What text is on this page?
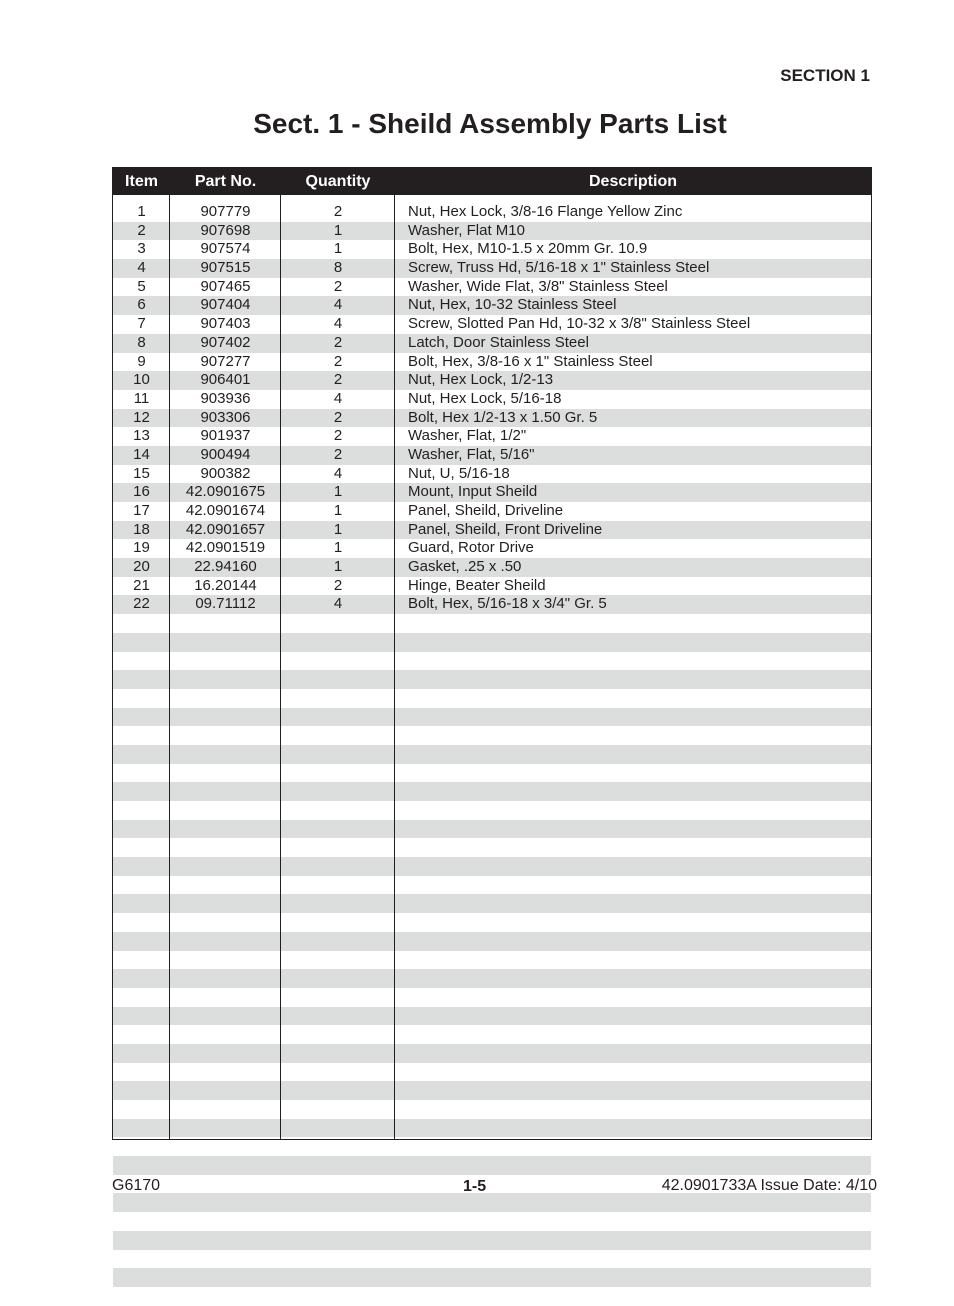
SECTION 1
Sect. 1 - Sheild Assembly Parts List
Item	Part No.	Quantity	Description
1	907779	2	Nut, Hex Lock, 3/8-16 Flange Yellow Zinc
2	907698	1	Washer, Flat M10
3	907574	1	Bolt, Hex, M10-1.5 x 20mm Gr. 10.9
4	907515	8	Screw, Truss Hd, 5/16-18 x 1" Stainless Steel
5	907465	2	Washer, Wide Flat, 3/8" Stainless Steel
6	907404	4	Nut, Hex, 10-32 Stainless Steel
7	907403	4	Screw, Slotted Pan Hd, 10-32 x 3/8" Stainless Steel
8	907402	2	Latch, Door Stainless Steel
9	907277	2	Bolt, Hex, 3/8-16 x 1" Stainless Steel
10	906401	2	Nut, Hex Lock, 1/2-13
11	903936	4	Nut, Hex Lock, 5/16-18
12	903306	2	Bolt, Hex 1/2-13 x 1.50 Gr. 5
13	901937	2	Washer, Flat, 1/2"
14	900494	2	Washer, Flat, 5/16"
15	900382	4	Nut, U, 5/16-18
16	42.0901675	1	Mount, Input Sheild
17	42.0901674	1	Panel, Sheild, Driveline
18	42.0901657	1	Panel, Sheild, Front Driveline
19	42.0901519	1	Guard, Rotor Drive
20	22.94160	1	Gasket, .25 x .50
21	16.20144	2	Hinge, Beater Sheild
22	09.71112	4	Bolt, Hex, 5/16-18 x 3/4" Gr. 5
G6170	1-5	42.0901733A Issue Date: 4/10
